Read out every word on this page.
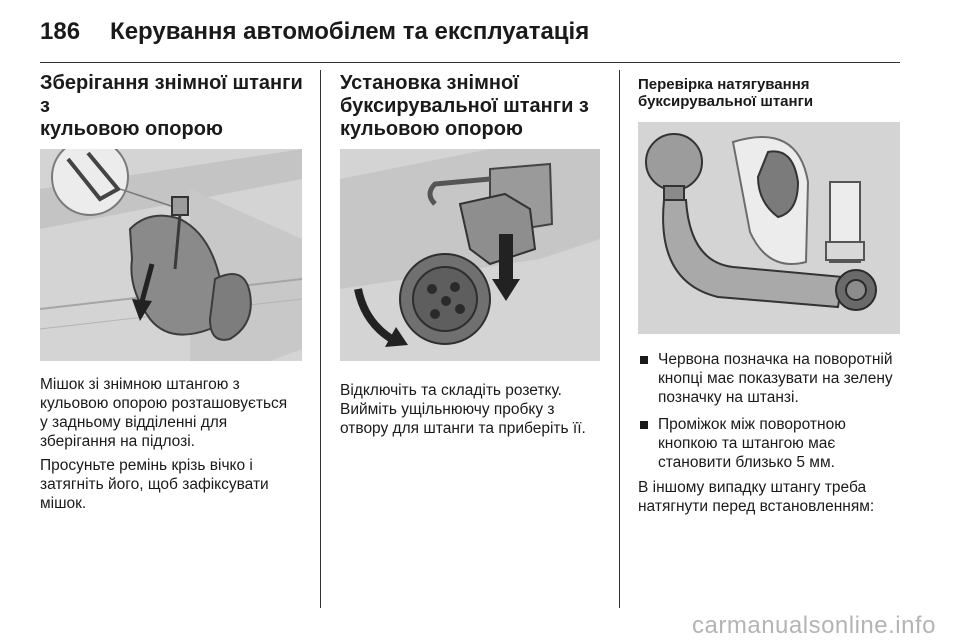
186 Керування автомобілем та експлуатація
Зберігання знімної штанги з
кульовою опорою

Мішок зі знімною штангою з
кульовою опорою розташовується
у задньому відділенні для
зберігання на підлозі.

Просуньте ремінь крізь вічко і
затягніть його, щоб зафіксувати
мішок.

Установка знімної
буксирувальної штанги з
кульовою опорою

Відключіть та складіть розетку.
Вийміть ущільнюючу пробку з
отвору для штанги та приберіть її.

Перевірка натягування
буксирувальної штанги
Червона позначка на поворотній
кнопці має показувати на зелену
позначку на штанзі.
Проміжок між поворотною
кнопкою та штангою має
становити близько 5 мм.

В іншому випадку штангу треба
натягнути перед встановленням:

carmanualsonline.info
